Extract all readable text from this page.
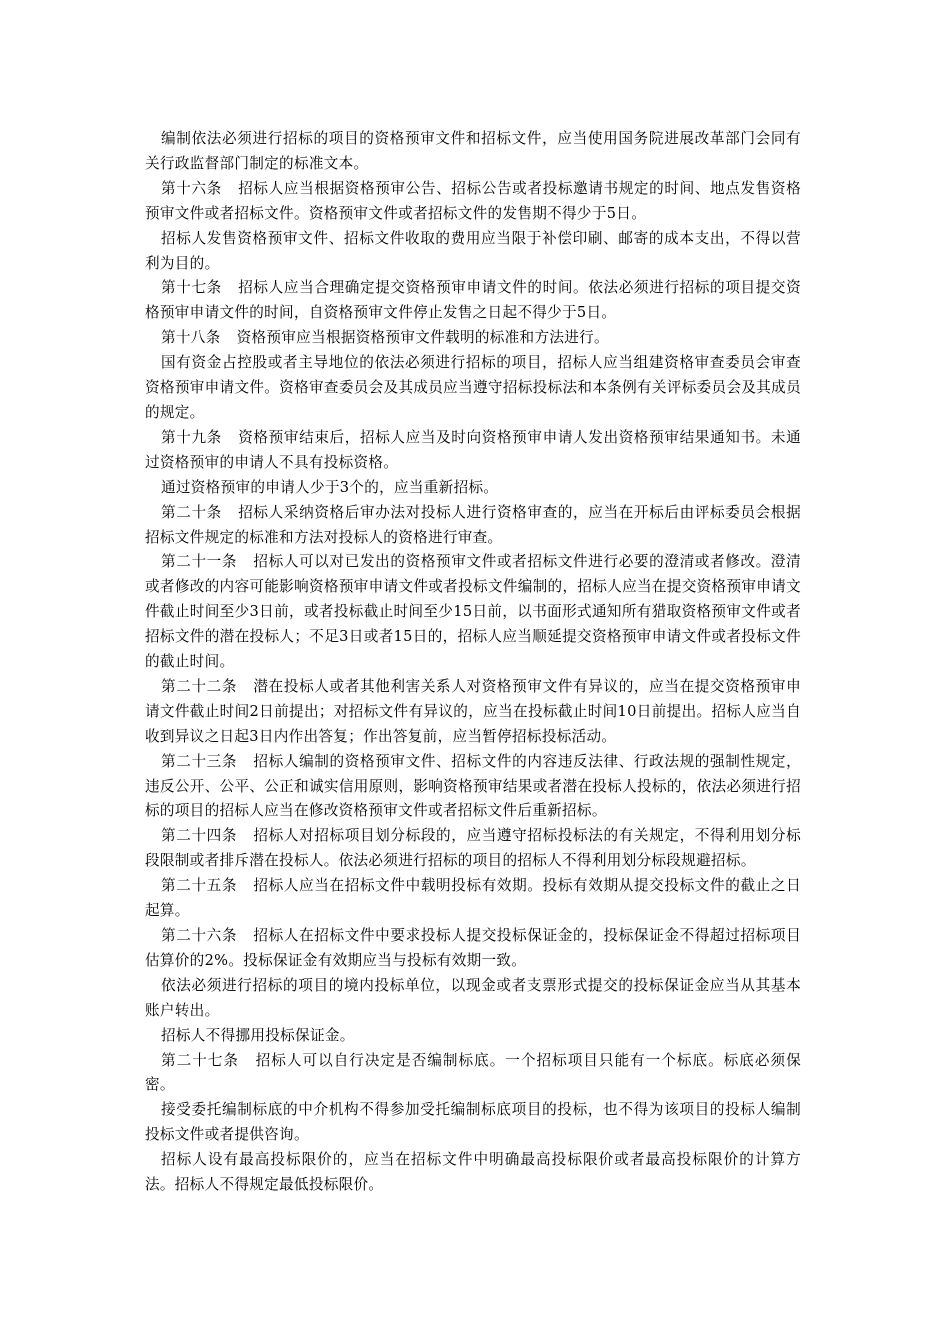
编制依法必须进行招标的项目的资格预审文件和招标文件，应当使用国务院进展改革部门会同有关行政监督部门制定的标准文本。

第十六条 招标人应当根据资格预审公告、招标公告或者投标邀请书规定的时间、地点发售资格预审文件或者招标文件。资格预审文件或者招标文件的发售期不得少于5日。

招标人发售资格预审文件、招标文件收取的费用应当限于补偿印刷、邮寄的成本支出，不得以营利为目的。

第十七条 招标人应当合理确定提交资格预审申请文件的时间。依法必须进行招标的项目提交资格预审申请文件的时间，自资格预审文件停止发售之日起不得少于5日。

第十八条 资格预审应当根据资格预审文件载明的标准和方法进行。

国有资金占控股或者主导地位的依法必须进行招标的项目，招标人应当组建资格审查委员会审查资格预审申请文件。资格审查委员会及其成员应当遵守招标投标法和本条例有关评标委员会及其成员的规定。

第十九条 资格预审结束后，招标人应当及时向资格预审申请人发出资格预审结果通知书。未通过资格预审的申请人不具有投标资格。

通过资格预审的申请人少于3个的，应当重新招标。

第二十条 招标人采纳资格后审办法对投标人进行资格审查的，应当在开标后由评标委员会根据招标文件规定的标准和方法对投标人的资格进行审查。

第二十一条 招标人可以对已发出的资格预审文件或者招标文件进行必要的澄清或者修改。澄清或者修改的内容可能影响资格预审申请文件或者投标文件编制的，招标人应当在提交资格预审申请文件截止时间至少3日前，或者投标截止时间至少15日前，以书面形式通知所有猎取资格预审文件或者招标文件的潜在投标人；不足3日或者15日的，招标人应当顺延提交资格预审申请文件或者投标文件的截止时间。

第二十二条 潜在投标人或者其他利害关系人对资格预审文件有异议的，应当在提交资格预审申请文件截止时间2日前提出；对招标文件有异议的，应当在投标截止时间10日前提出。招标人应当自收到异议之日起3日内作出答复；作出答复前，应当暂停招标投标活动。

第二十三条 招标人编制的资格预审文件、招标文件的内容违反法律、行政法规的强制性规定，违反公开、公平、公正和诚实信用原则，影响资格预审结果或者潜在投标人投标的，依法必须进行招标的项目的招标人应当在修改资格预审文件或者招标文件后重新招标。

第二十四条 招标人对招标项目划分标段的，应当遵守招标投标法的有关规定，不得利用划分标段限制或者排斥潜在投标人。依法必须进行招标的项目的招标人不得利用划分标段规避招标。

第二十五条 招标人应当在招标文件中载明投标有效期。投标有效期从提交投标文件的截止之日起算。

第二十六条 招标人在招标文件中要求投标人提交投标保证金的，投标保证金不得超过招标项目估算价的2%。投标保证金有效期应当与投标有效期一致。

依法必须进行招标的项目的境内投标单位，以现金或者支票形式提交的投标保证金应当从其基本账户转出。

招标人不得挪用投标保证金。

第二十七条 招标人可以自行决定是否编制标底。一个招标项目只能有一个标底。标底必须保密。

接受委托编制标底的中介机构不得参加受托编制标底项目的投标，也不得为该项目的投标人编制投标文件或者提供咨询。

招标人设有最高投标限价的，应当在招标文件中明确最高投标限价或者最高投标限价的计算方法。招标人不得规定最低投标限价。
